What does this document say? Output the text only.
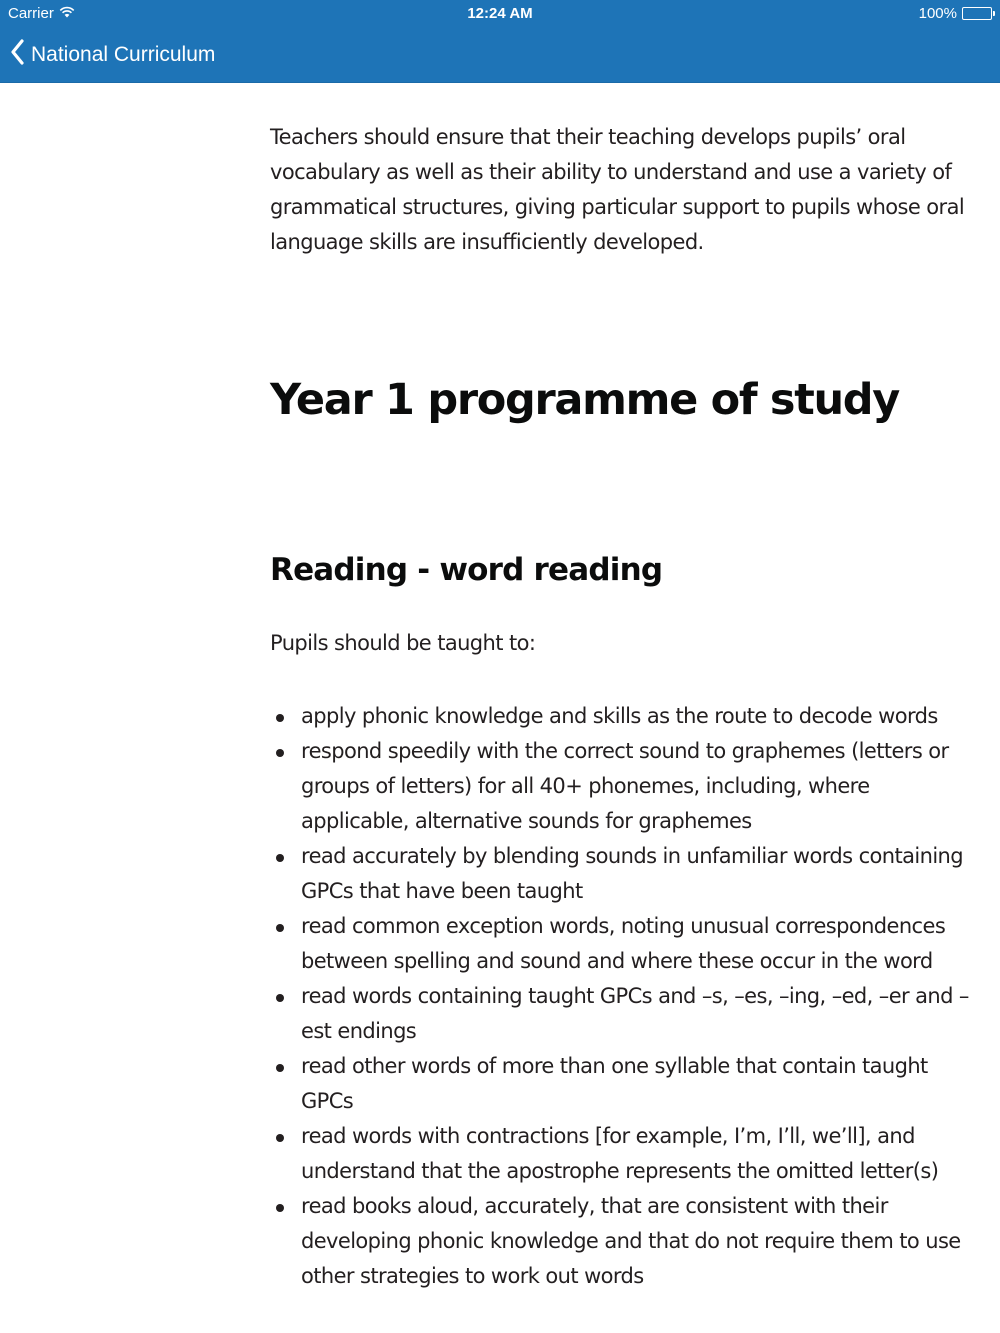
Carrier	12:24 AM	100%
National Curriculum

Teachers should ensure that their teaching develops pupils’ oral vocabulary as well as their ability to understand and use a variety of grammatical structures, giving particular support to pupils whose oral language skills are insufficiently developed.

Year 1 programme of study
Reading - word reading

Pupils should be taught to:

apply phonic knowledge and skills as the route to decode words
respond speedily with the correct sound to graphemes (letters or groups of letters) for all 40+ phonemes, including, where applicable, alternative sounds for graphemes
read accurately by blending sounds in unfamiliar words containing GPCs that have been taught
read common exception words, noting unusual correspondences between spelling and sound and where these occur in the word
read words containing taught GPCs and –s, –es, –ing, –ed, –er and –est endings
read other words of more than one syllable that contain taught GPCs
read words with contractions [for example, I’m, I’ll, we’ll], and understand that the apostrophe represents the omitted letter(s)
read books aloud, accurately, that are consistent with their developing phonic knowledge and that do not require them to use other strategies to work out words
